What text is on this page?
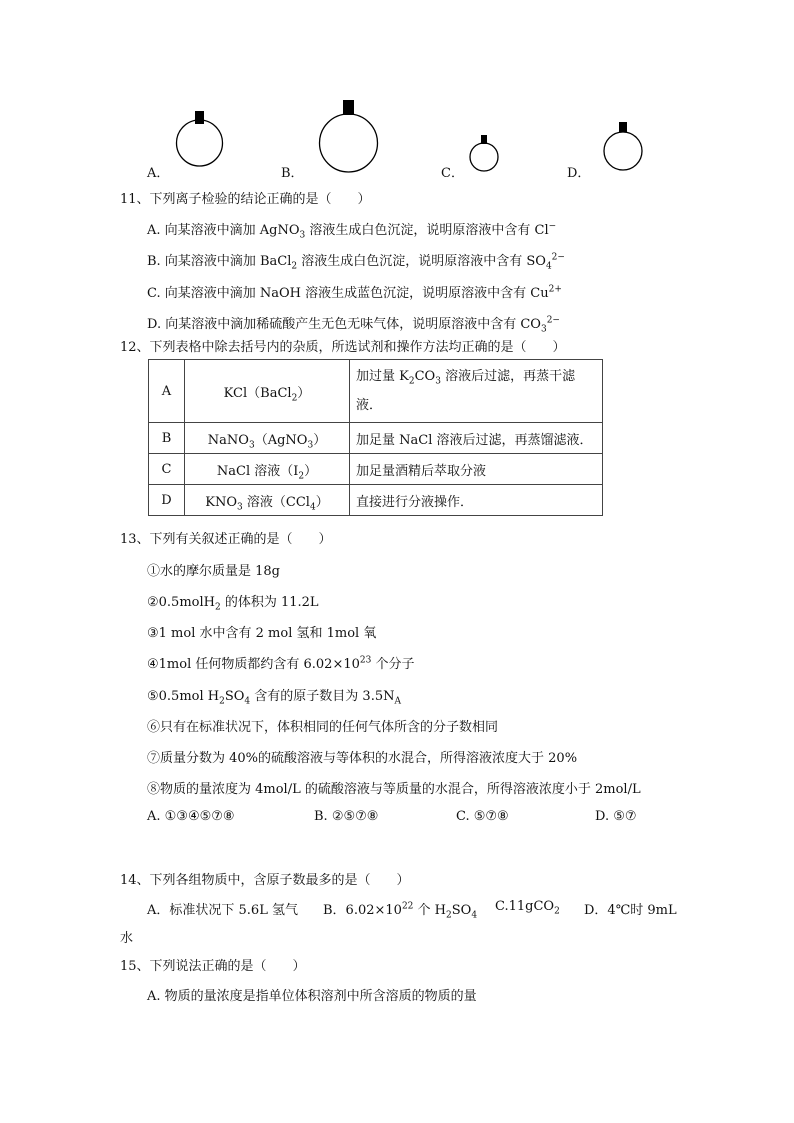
A．	B．	C．	D．
11、下列离子检验的结论正确的是（　　）
A. 向某溶液中滴加 AgNO$_3$ 溶液生成白色沉淀，说明原溶液中含有 Cl−
B. 向某溶液中滴加 BaCl$_2$ 溶液生成白色沉淀，说明原溶液中含有 $SO_4^{2-}$
C. 向某溶液中滴加 NaOH 溶液生成蓝色沉淀，说明原溶液中含有 $Cu^{2+}$
D. 向某溶液中滴加稀硫酸产生无色无味气体，说明原溶液中含有 $CO_3^{2-}$
12、下列表格中除去括号内的杂质，所选试剂和操作方法均正确的是（　　）
A	KCl（BaCl$_2$）	加过量 $K_2CO_3$ 溶液后过滤，再蒸干滤
液．
B	NaNO$_3$（AgNO$_3$）	加足量 NaCl 溶液后过滤，再蒸馏滤液．
C	NaCl 溶液$(I_2)$	加足量酒精后萃取分液
D	$KNO_3$ 溶液（CCl$_4$）	直接进行分液操作．
13、下列有关叙述正确的是（　　）
①水的摩尔质量是 18g
②0.5molH$_2$ 的体积为 11.2L
③1 mol 水中含有 2 mol 氢和 1mol 氧
④1mol 任何物质都约含有 $6.02\times 10^{23}$ 个分子
⑤0.5mol $H_2SO_4$ 含有的原子数目为 $3.5N_A$
⑥只有在标准状况下，体积相同的任何气体所含的分子数相同
⑦质量分数为 40%的硫酸溶液与等体积的水混合，所得溶液浓度大于 20%
⑧物质的量浓度为 4mol/L 的硫酸溶液与等质量的水混合，所得溶液浓度小于 2mol/L
A. ①③④⑤⑦⑧	B. ②⑤⑦⑧	C. ⑤⑦⑧	D. ⑤⑦
14、下列各组物质中，含原子数最多的是（　　）
A．标准状况下 5.6L 氢气 B．$6.02\times 10^{22}$ 个 $H_2SO_4$
C.11gCO$_2$ D．4℃时 9mL
水
15、下列说法正确的是（　　）
A. 物质的量浓度是指单位体积溶剂中所含溶质的物质的量
